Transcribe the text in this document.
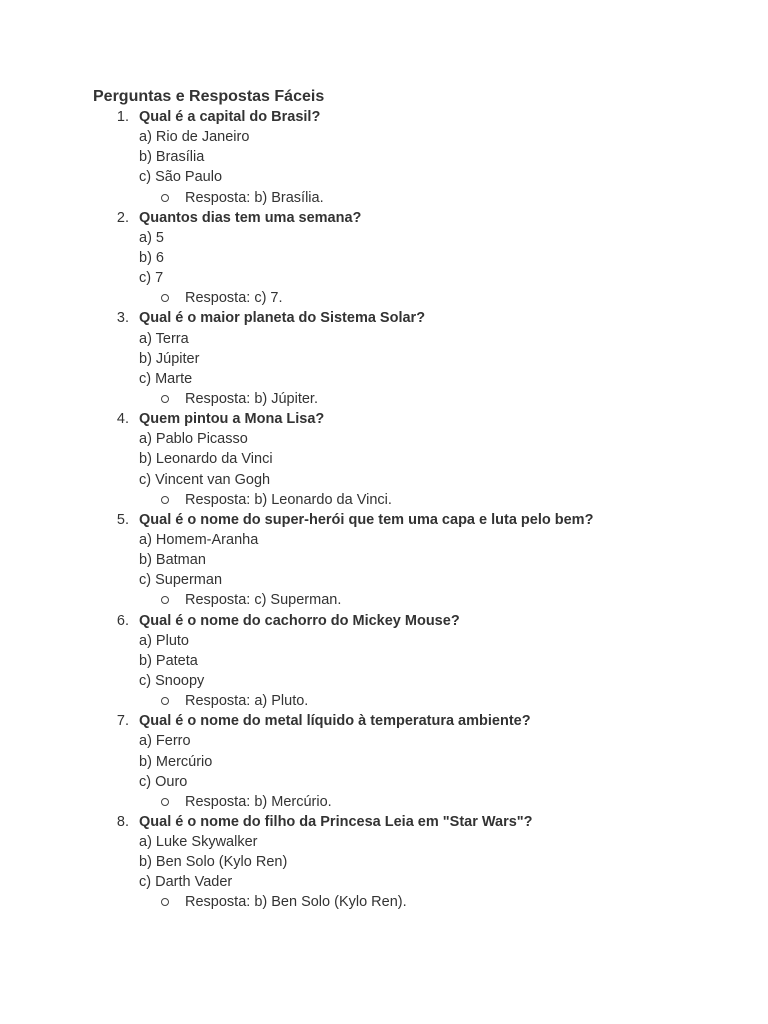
Perguntas e Respostas Fáceis
1. Qual é a capital do Brasil?
a) Rio de Janeiro
b) Brasília
c) São Paulo
Resposta: b) Brasília.
2. Quantos dias tem uma semana?
a) 5
b) 6
c) 7
Resposta: c) 7.
3. Qual é o maior planeta do Sistema Solar?
a) Terra
b) Júpiter
c) Marte
Resposta: b) Júpiter.
4. Quem pintou a Mona Lisa?
a) Pablo Picasso
b) Leonardo da Vinci
c) Vincent van Gogh
Resposta: b) Leonardo da Vinci.
5. Qual é o nome do super-herói que tem uma capa e luta pelo bem?
a) Homem-Aranha
b) Batman
c) Superman
Resposta: c) Superman.
6. Qual é o nome do cachorro do Mickey Mouse?
a) Pluto
b) Pateta
c) Snoopy
Resposta: a) Pluto.
7. Qual é o nome do metal líquido à temperatura ambiente?
a) Ferro
b) Mercúrio
c) Ouro
Resposta: b) Mercúrio.
8. Qual é o nome do filho da Princesa Leia em "Star Wars"?
a) Luke Skywalker
b) Ben Solo (Kylo Ren)
c) Darth Vader
Resposta: b) Ben Solo (Kylo Ren).
